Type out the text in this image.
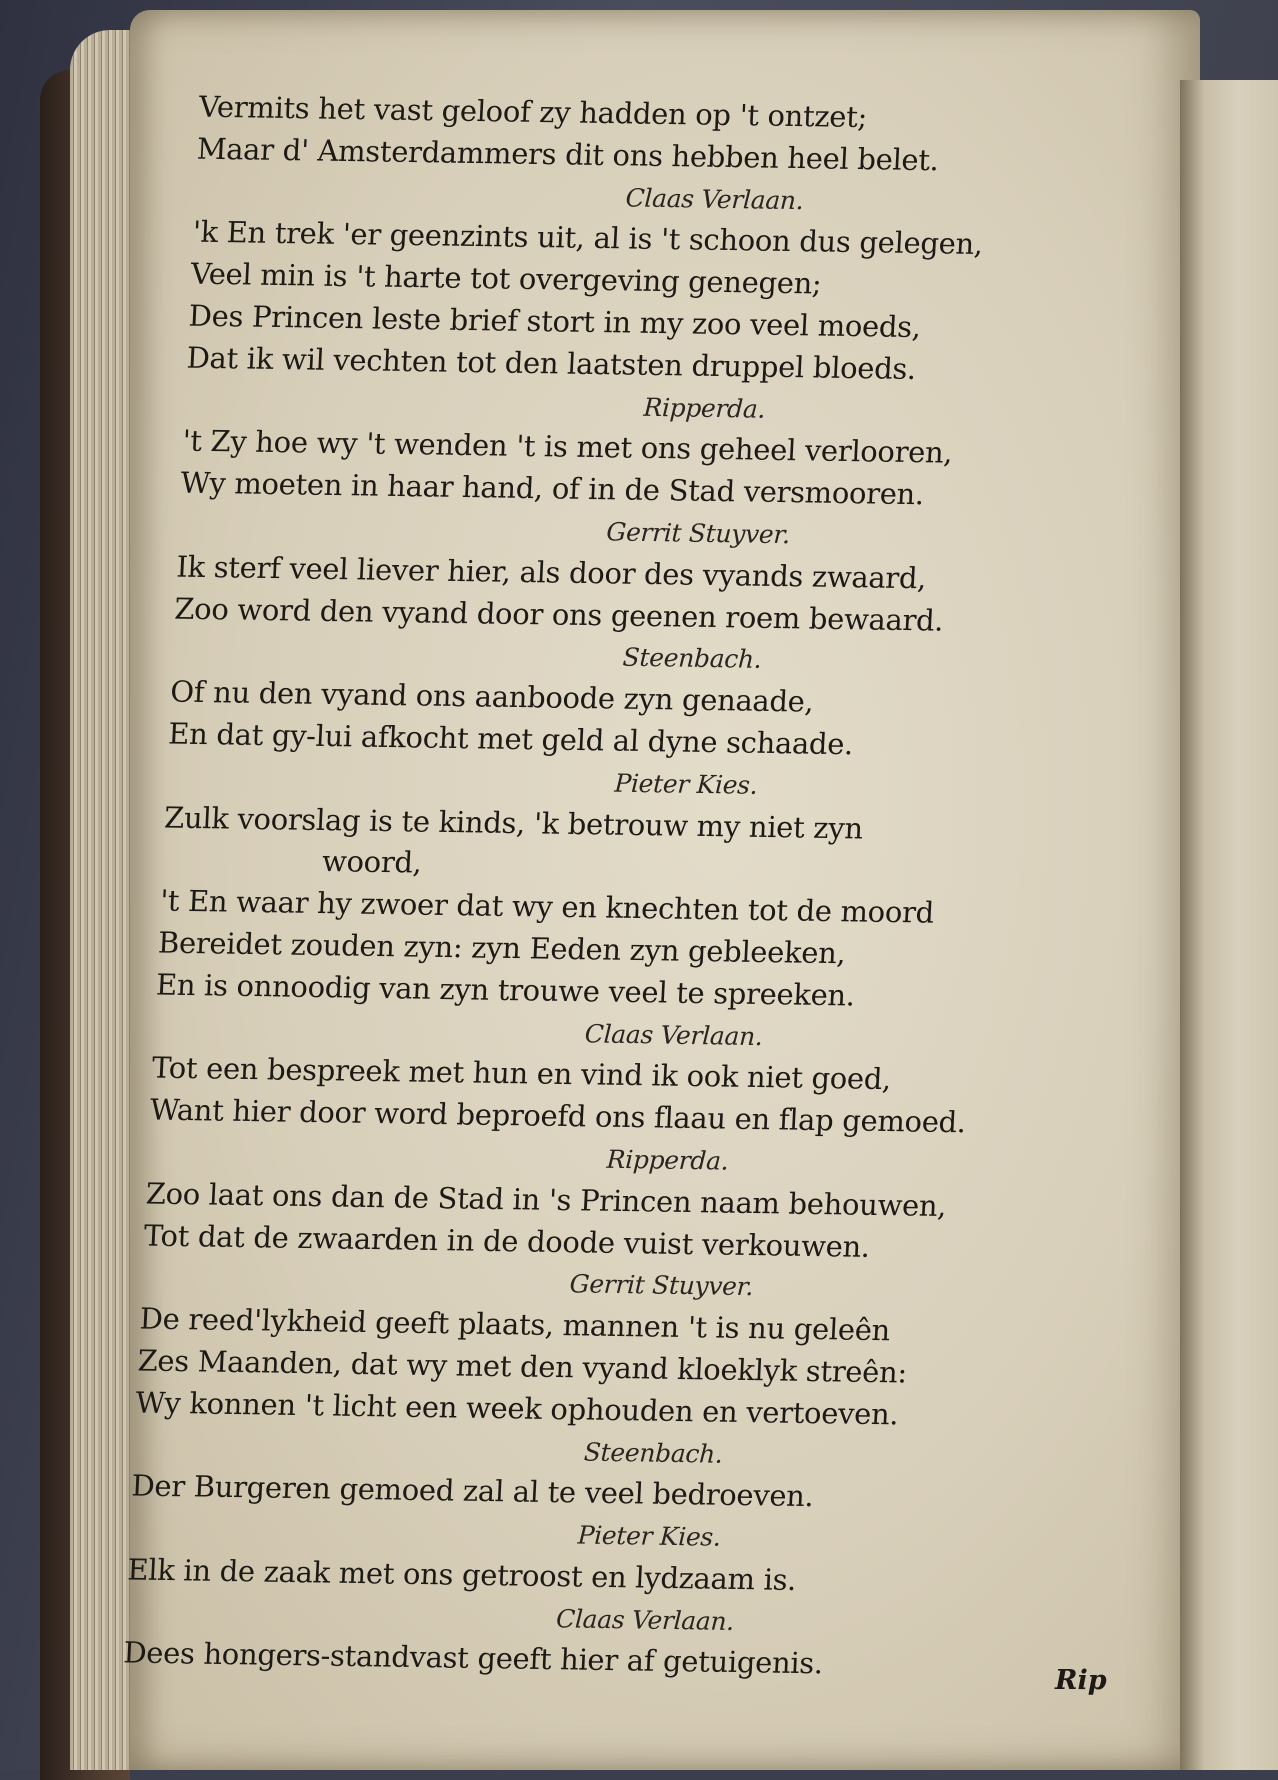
Vermits het vast geloof zy hadden op 't ontzet;
Maar d' Amsterdammers dit ons hebben heel belet.
Claas Verlaan.
'k En trek 'er geenzints uit, al is 't schoon dus gelegen,
Veel min is 't harte tot overgeving genegen;
Des Princen leste brief stort in my zoo veel moeds,
Dat ik wil vechten tot den laatsten druppel bloeds.
Ripperda.
't Zy hoe wy 't wenden 't is met ons geheel verlooren,
Wy moeten in haar hand, of in de Stad versmooren.
Gerrit Stuyver.
Ik sterf veel liever hier, als door des vyands zwaard,
Zoo word den vyand door ons geenen roem bewaard.
Steenbach.
Of nu den vyand ons aanboode zyn genaade,
En dat gy-lui afkocht met geld al dyne schaade.
Pieter Kies.
Zulk voorslag is te kinds, 'k betrouw my niet zyn
woord,
't En waar hy zwoer dat wy en knechten tot de moord
Bereidet zouden zyn: zyn Eeden zyn gebleeken,
En is onnoodig van zyn trouwe veel te spreeken.
Claas Verlaan.
Tot een bespreek met hun en vind ik ook niet goed,
Want hier door word beproefd ons flaau en flap gemoed.
Ripperda.
Zoo laat ons dan de Stad in 's Princen naam behouwen,
Tot dat de zwaarden in de doode vuist verkouwen.
Gerrit Stuyver.
De reed'lykheid geeft plaats, mannen 't is nu geleên
Zes Maanden, dat wy met den vyand kloeklyk streên:
Wy konnen 't licht een week ophouden en vertoeven.
Steenbach.
Der Burgeren gemoed zal al te veel bedroeven.
Pieter Kies.
Elk in de zaak met ons getroost en lydzaam is.
Claas Verlaan.
Dees hongers-standvast geeft hier af getuigenis.	Rip
